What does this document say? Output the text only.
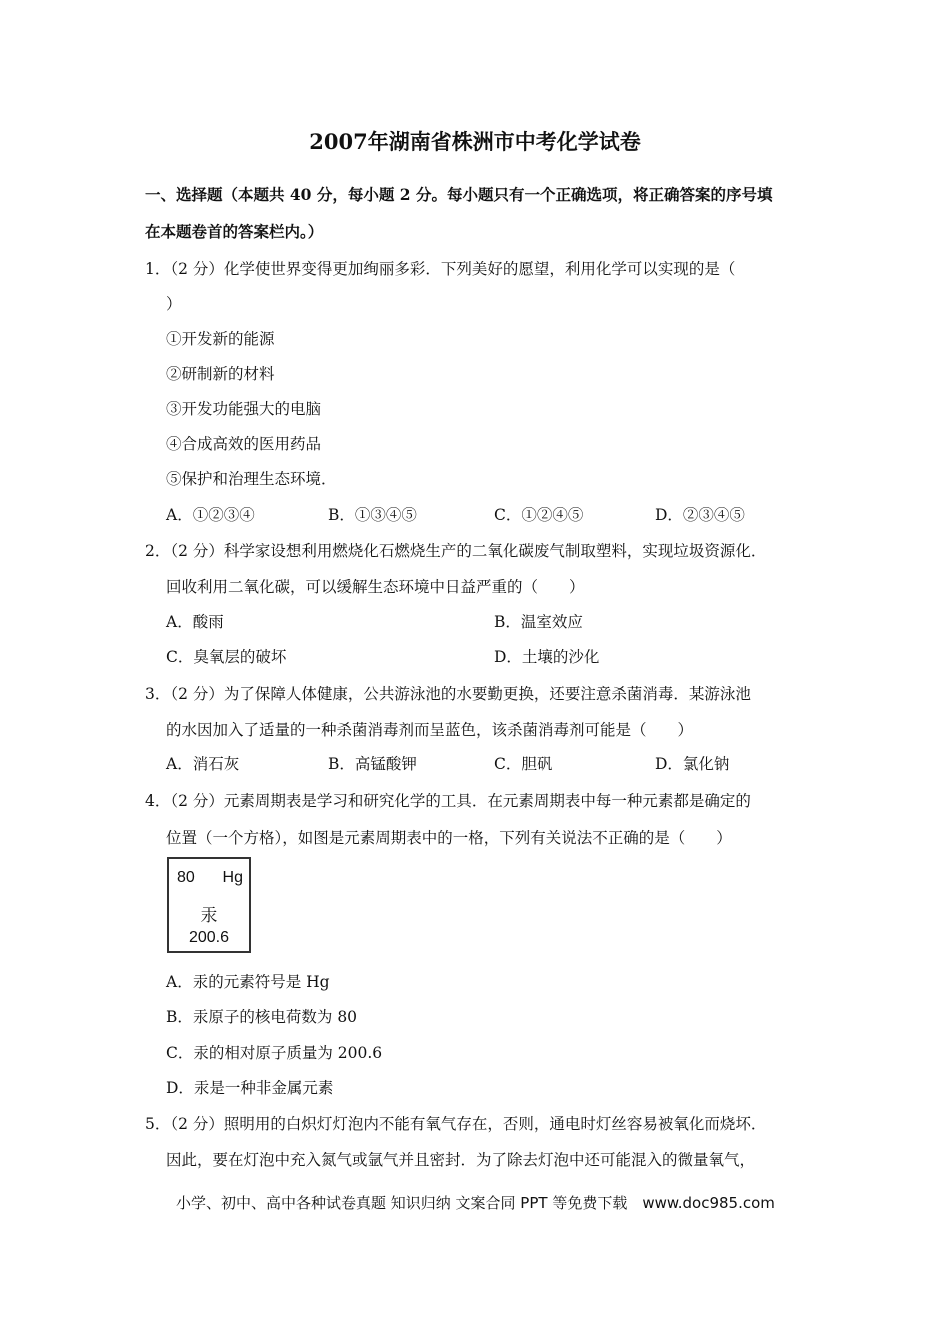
2007年湖南省株洲市中考化学试卷
一、选择题（本题共 40 分，每小题 2 分。每小题只有一个正确选项，将正确答案的序号填
在本题卷首的答案栏内。）
1．（2 分）化学使世界变得更加绚丽多彩．下列美好的愿望，利用化学可以实现的是（
）
①开发新的能源
②研制新的材料
③开发功能强大的电脑
④合成高效的医用药品
⑤保护和治理生态环境．
A．①②③④	B．①③④⑤	C．①②④⑤	D．②③④⑤
2．（2 分）科学家设想利用燃烧化石燃烧生产的二氧化碳废气制取塑料，实现垃圾资源化．
回收利用二氧化碳，可以缓解生态环境中日益严重的（　　）
A．酸雨	B．温室效应
C．臭氧层的破坏	D．土壤的沙化
3．（2 分）为了保障人体健康，公共游泳池的水要勤更换，还要注意杀菌消毒．某游泳池
的水因加入了适量的一种杀菌消毒剂而呈蓝色，该杀菌消毒剂可能是（　　）
A．消石灰	B．高锰酸钾	C．胆矾	D．氯化钠
4．（2 分）元素周期表是学习和研究化学的工具．在元素周期表中每一种元素都是确定的
位置（一个方格），如图是元素周期表中的一格，下列有关说法不正确的是（　　）
80 Hg
汞
200.6
A．汞的元素符号是 Hg
B．汞原子的核电荷数为 80
C．汞的相对原子质量为 200.6
D．汞是一种非金属元素
5．（2 分）照明用的白炽灯灯泡内不能有氧气存在，否则，通电时灯丝容易被氧化而烧坏．
因此，要在灯泡中充入氮气或氩气并且密封．为了除去灯泡中还可能混入的微量氧气，
小学、初中、高中各种试卷真题 知识归纳 文案合同 PPT 等免费下载　www.doc985.com
